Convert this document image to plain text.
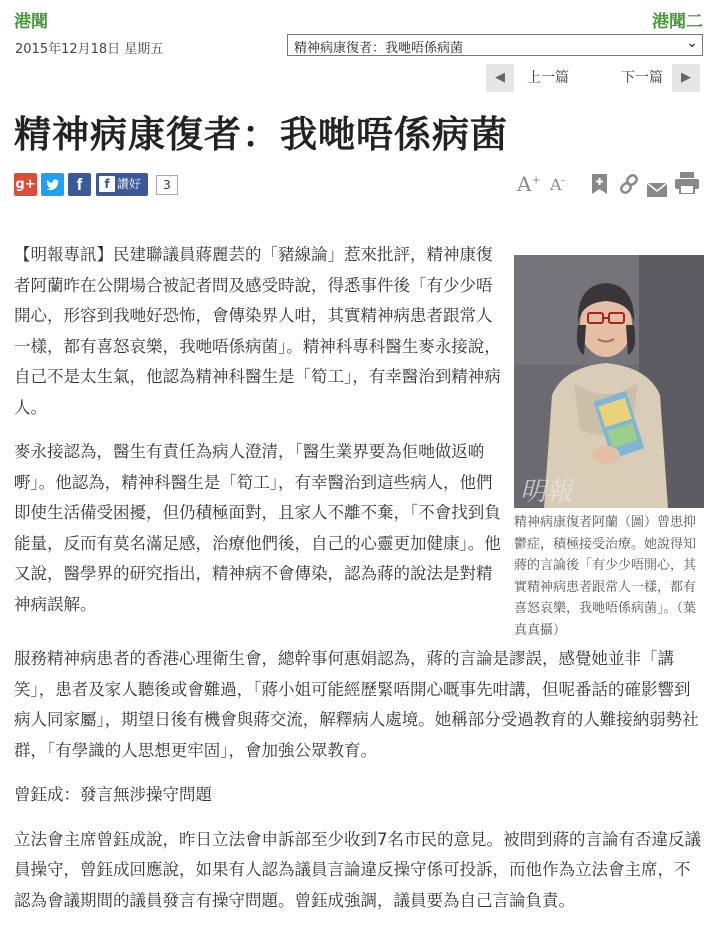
港聞	港聞二
2015年12月18日 星期五	精神病康復者：我哋唔係病菌	⌄
◀	上一篇	下一篇	▶
精神病康復者：我哋唔係病菌
g+	f	f 讚好	3	A+ A-

【明報專訊】民建聯議員蔣麗芸的「豬線論」惹來批評，精神康復者阿蘭昨在公開場合被記者問及感受時說，得悉事件後「有少少唔開心，形容到我哋好恐怖，會傳染界人咁，其實精神病患者跟常人一樣，都有喜怒哀樂，我哋唔係病菌」。精神科專科醫生麥永接說，自己不是太生氣，他認為精神科醫生是「筍工」，有幸醫治到精神病人。

麥永接認為，醫生有責任為病人澄清，「醫生業界要為佢哋做返啲嘢」。他認為，精神科醫生是「筍工」，有幸醫治到這些病人，他們即使生活備受困擾，但仍積極面對，且家人不離不棄，「不會找到負能量，反而有莫名滿足感，治療他們後，自己的心靈更加健康」。他又說，醫學界的研究指出，精神病不會傳染，認為蔣的說法是對精神病誤解。

服務精神病患者的香港心理衛生會，總幹事何惠娟認為，蔣的言論是謬誤，感覺她並非「講笑」，患者及家人聽後或會難過，「蔣小姐可能經歷緊唔開心嘅事先咁講，但呢番話的確影響到病人同家屬」，期望日後有機會與蔣交流，解釋病人處境。她稱部分受過教育的人難接納弱勢社群，「有學識的人思想更牢固」，會加強公眾教育。

曾鈺成：發言無涉操守問題

立法會主席曾鈺成說，昨日立法會申訴部至少收到7名市民的意見。被問到蔣的言論有否違反議員操守，曾鈺成回應說，如果有人認為議員言論違反操守係可投訴，而他作為立法會主席，不認為會議期間的議員發言有操守問題。曾鈺成強調，議員要為自己言論負責。

明報
精神病康復者阿蘭（圖）曾患抑鬱症，積極接受治療。她說得知蔣的言論後「有少少唔開心，其實精神病患者跟常人一樣，都有喜怒哀樂，我哋唔係病菌」。（葉真真攝）
